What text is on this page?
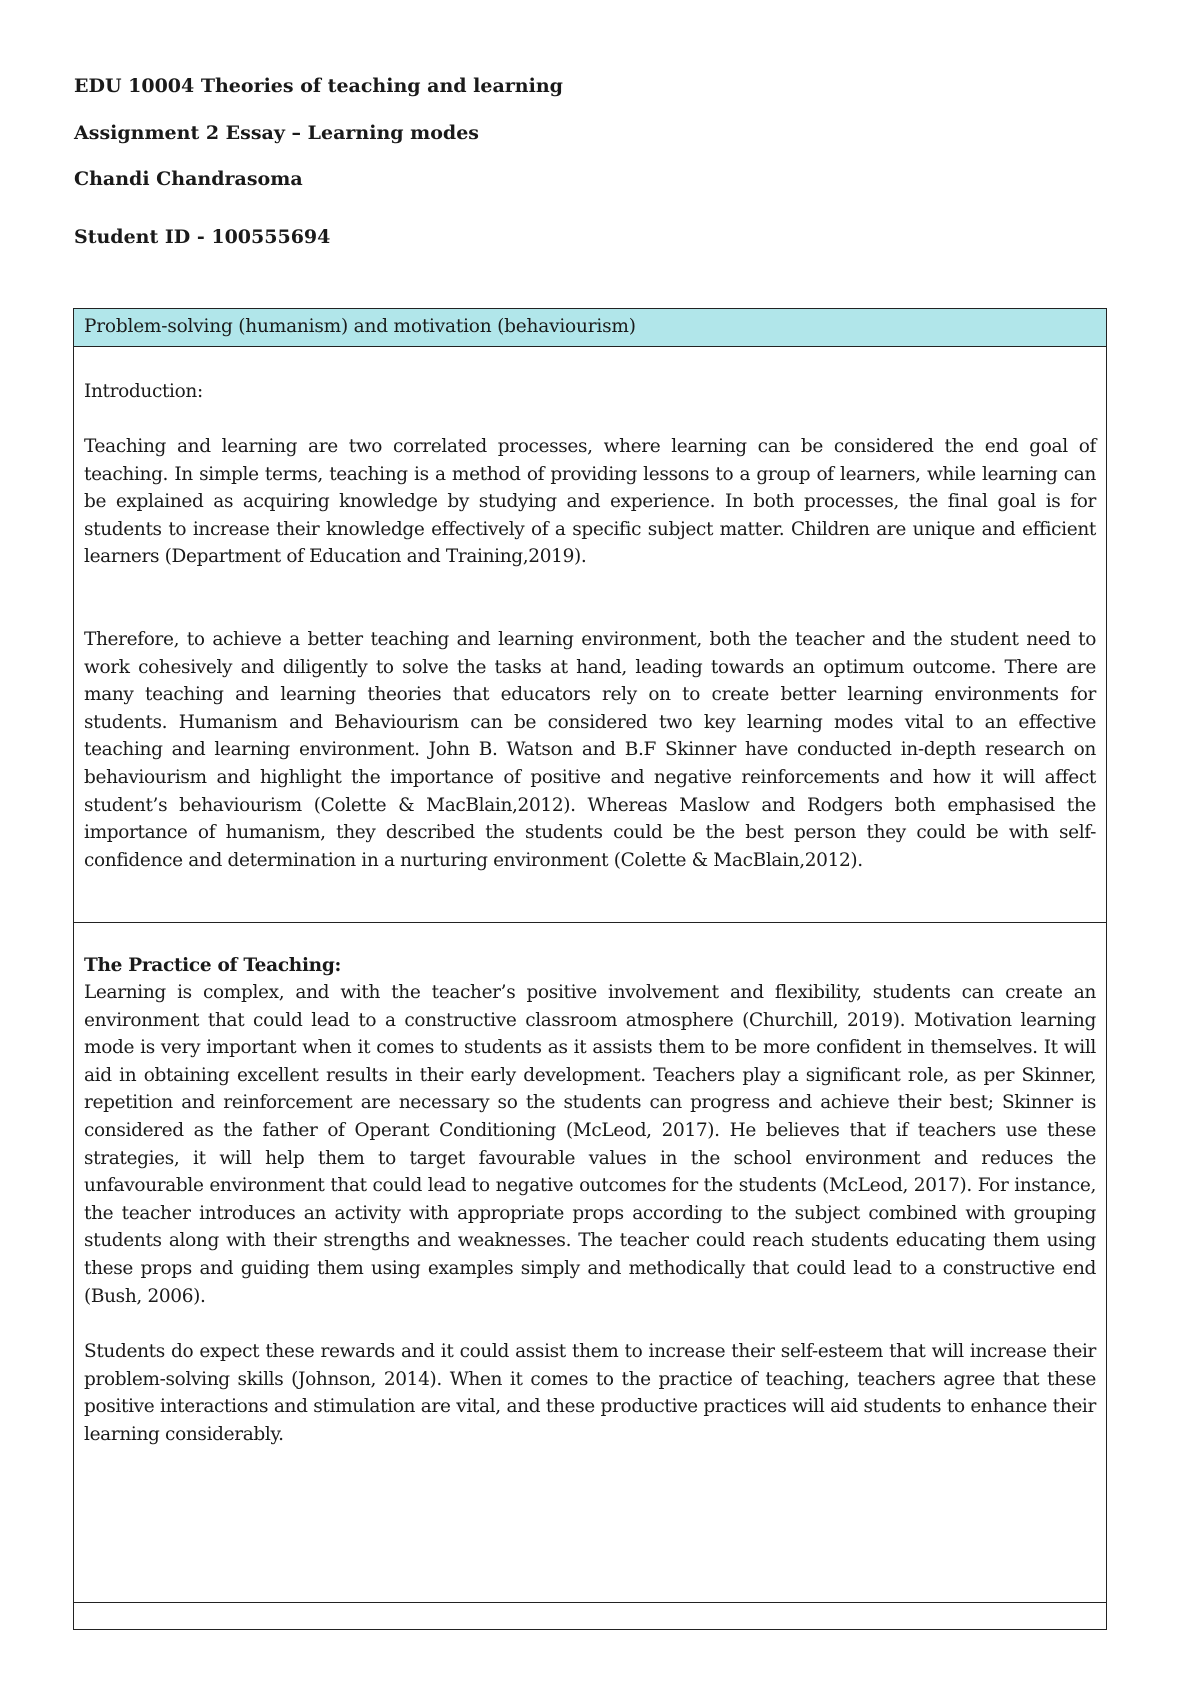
EDU 10004 Theories of teaching and learning

Assignment 2 Essay – Learning modes

Chandi Chandrasoma

Student ID - 100555694

Problem-solving (humanism) and motivation (behaviourism)

Introduction:

Teaching and learning are two correlated processes, where learning can be considered the end goal of teaching. In simple terms, teaching is a method of providing lessons to a group of learners, while learning can be explained as acquiring knowledge by studying and experience. In both processes, the final goal is for students to increase their knowledge effectively of a specific subject matter. Children are unique and efficient learners (Department of Education and Training,2019).

Therefore, to achieve a better teaching and learning environment, both the teacher and the student need to work cohesively and diligently to solve the tasks at hand, leading towards an optimum outcome. There are many teaching and learning theories that educators rely on to create better learning environments for students. Humanism and Behaviourism can be considered two key learning modes vital to an effective teaching and learning environment. John B. Watson and B.F Skinner have conducted in-depth research on behaviourism and highlight the importance of positive and negative reinforcements and how it will affect student’s behaviourism (Colette & MacBlain,2012). Whereas Maslow and Rodgers both emphasised the importance of humanism, they described the students could be the best person they could be with self-confidence and determination in a nurturing environment (Colette & MacBlain,2012).

The Practice of Teaching:

Learning is complex, and with the teacher’s positive involvement and flexibility, students can create an environment that could lead to a constructive classroom atmosphere (Churchill, 2019). Motivation learning mode is very important when it comes to students as it assists them to be more confident in themselves. It will aid in obtaining excellent results in their early development. Teachers play a significant role, as per Skinner, repetition and reinforcement are necessary so the students can progress and achieve their best; Skinner is considered as the father of Operant Conditioning (McLeod, 2017). He believes that if teachers use these strategies, it will help them to target favourable values in the school environment and reduces the unfavourable environment that could lead to negative outcomes for the students (McLeod, 2017). For instance, the teacher introduces an activity with appropriate props according to the subject combined with grouping students along with their strengths and weaknesses. The teacher could reach students educating them using these props and guiding them using examples simply and methodically that could lead to a constructive end (Bush, 2006).

Students do expect these rewards and it could assist them to increase their self-esteem that will increase their problem-solving skills (Johnson, 2014). When it comes to the practice of teaching, teachers agree that these positive interactions and stimulation are vital, and these productive practices will aid students to enhance their learning considerably.
